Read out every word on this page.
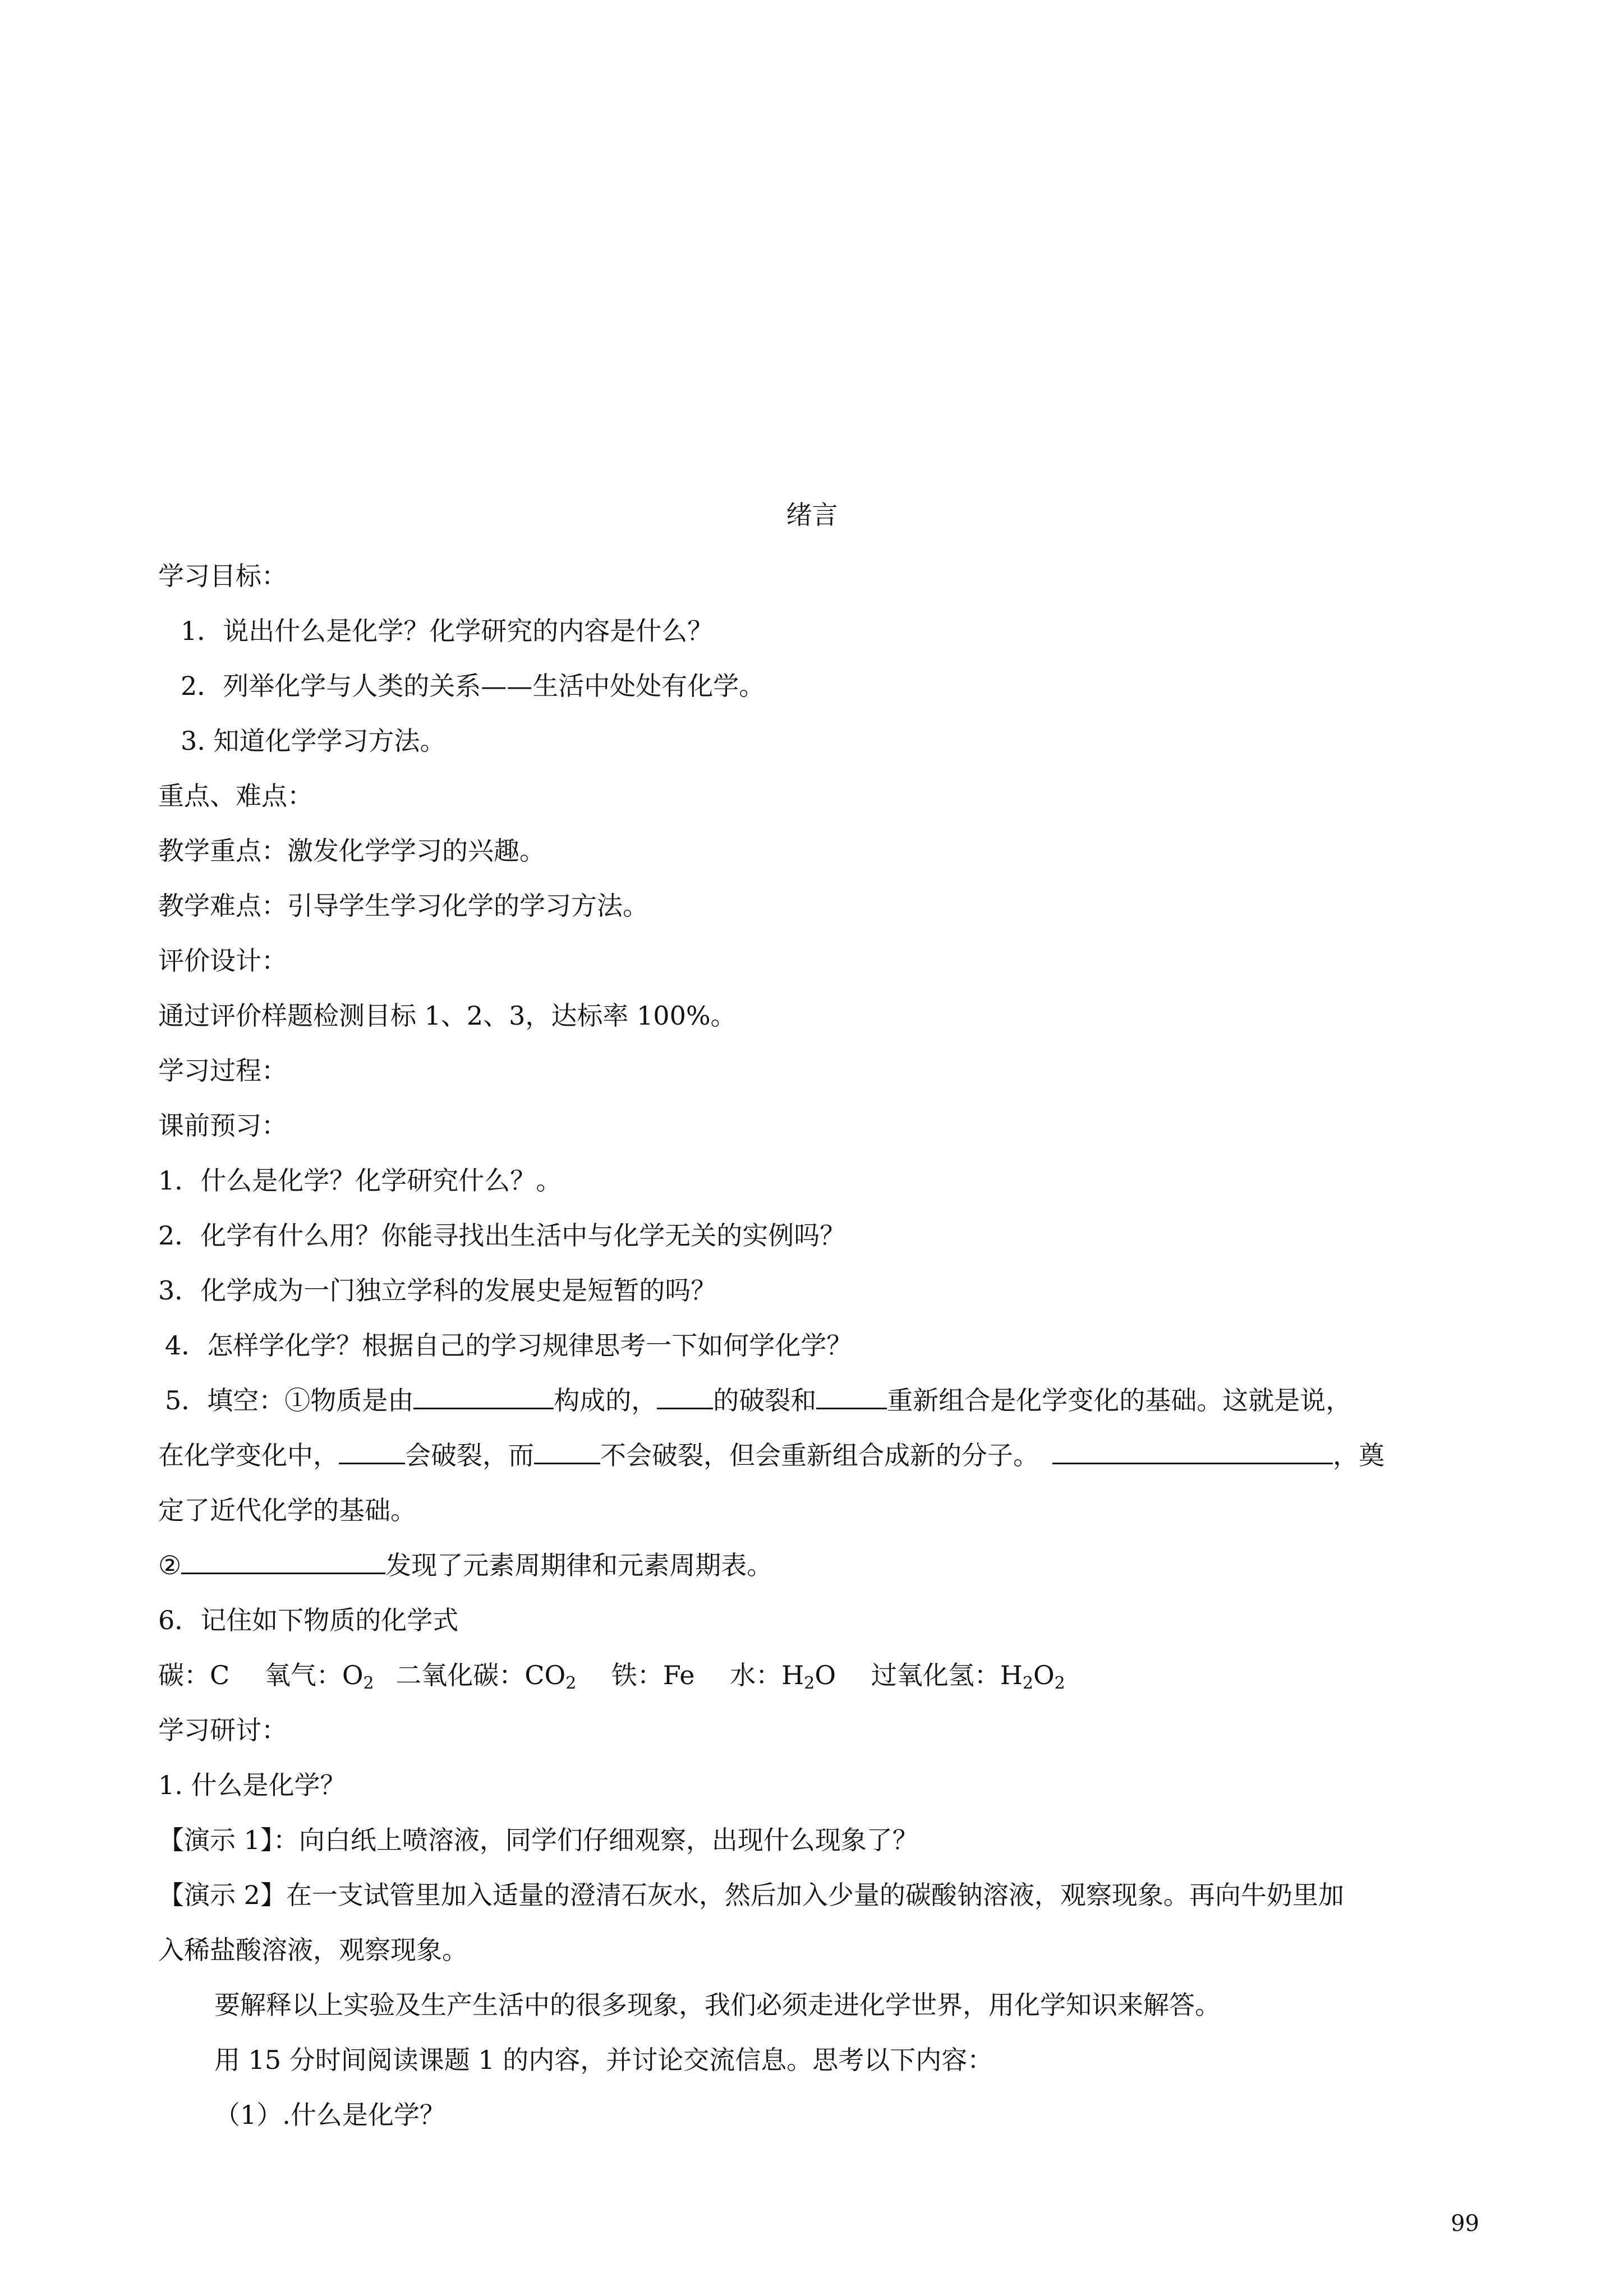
绪言
学习目标：
1．说出什么是化学？化学研究的内容是什么？
2．列举化学与人类的关系——生活中处处有化学。
3. 知道化学学习方法。
重点、难点：
教学重点：激发化学学习的兴趣。
教学难点：引导学生学习化学的学习方法。
评价设计：
通过评价样题检测目标 1、2、3，达标率 100%。
学习过程：
课前预习：
1．什么是化学？化学研究什么？。
2．化学有什么用？你能寻找出生活中与化学无关的实例吗？
3．化学成为一门独立学科的发展史是短暂的吗？
4．怎样学化学？根据自己的学习规律思考一下如何学化学？
5．填空：①物质是由	构成的， 的破裂和	重新组合是化学变化的基础。这就是说，
在化学变化中，	会破裂，而	不会破裂，但会重新组合成新的分子。	，奠
定了近代化学的基础。
②	发现了元素周期律和元素周期表。
6．记住如下物质的化学式
碳：C 氧气：$O_2$ 二氧化碳：$CO_2$ 铁：Fe 水：$H_2O$ 过氧化氢：$H_2O_2$
学习研讨：
1. 什么是化学？
【演示 1】：向白纸上喷溶液，同学们仔细观察，出现什么现象了？
【演示 2】在一支试管里加入适量的澄清石灰水，然后加入少量的碳酸钠溶液，观察现象。再向牛奶里加
入稀盐酸溶液，观察现象。
要解释以上实验及生产生活中的很多现象，我们必须走进化学世界，用化学知识来解答。
用 15 分时间阅读课题 1 的内容，并讨论交流信息。思考以下内容：
（1）.什么是化学？
99
